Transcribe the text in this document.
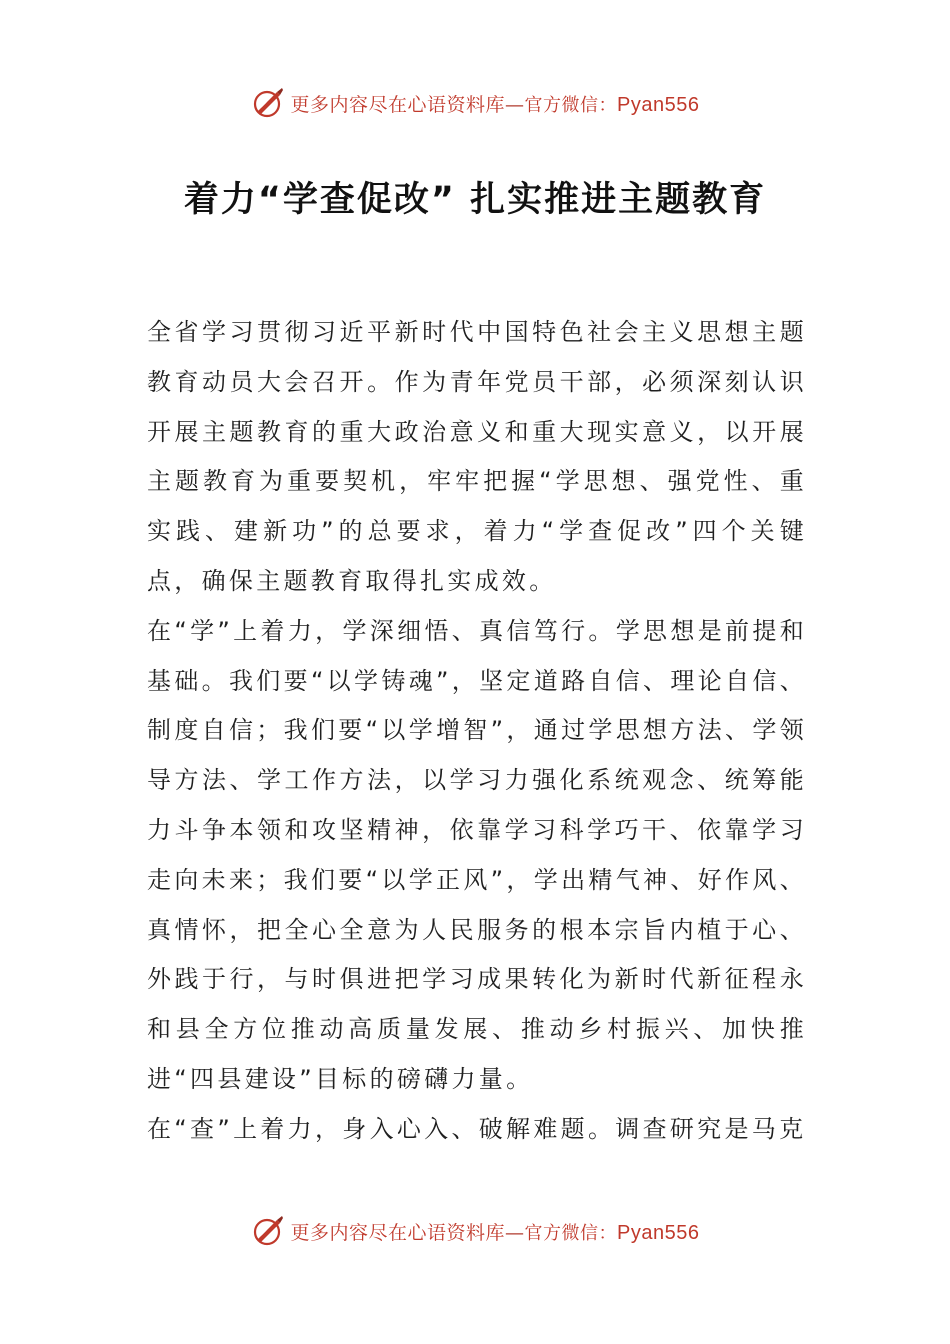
更多内容尽在心语资料库—官方微信：Pyan556
着力“学查促改” 扎实推进主题教育

全省学习贯彻习近平新时代中国特色社会主义思想主题教育动员大会召开。作为青年党员干部，必须深刻认识开展主题教育的重大政治意义和重大现实意义，以开展主题教育为重要契机，牢牢把握“学思想、强党性、重实践、建新功”的总要求，着力“学查促改”四个关键点，确保主题教育取得扎实成效。

在“学”上着力，学深细悟、真信笃行。学思想是前提和基础。我们要“以学铸魂”，坚定道路自信、理论自信、制度自信；我们要“以学增智”，通过学思想方法、学领导方法、学工作方法，以学习力强化系统观念、统筹能力斗争本领和攻坚精神，依靠学习科学巧干、依靠学习走向未来；我们要“以学正风”，学出精气神、好作风、真情怀，把全心全意为人民服务的根本宗旨内植于心、外践于行，与时俱进把学习成果转化为新时代新征程永和县全方位推动高质量发展、推动乡村振兴、加快推进“四县建设”目标的磅礴力量。

在“查”上着力，身入心入、破解难题。调查研究是马克

更多内容尽在心语资料库—官方微信：Pyan556
